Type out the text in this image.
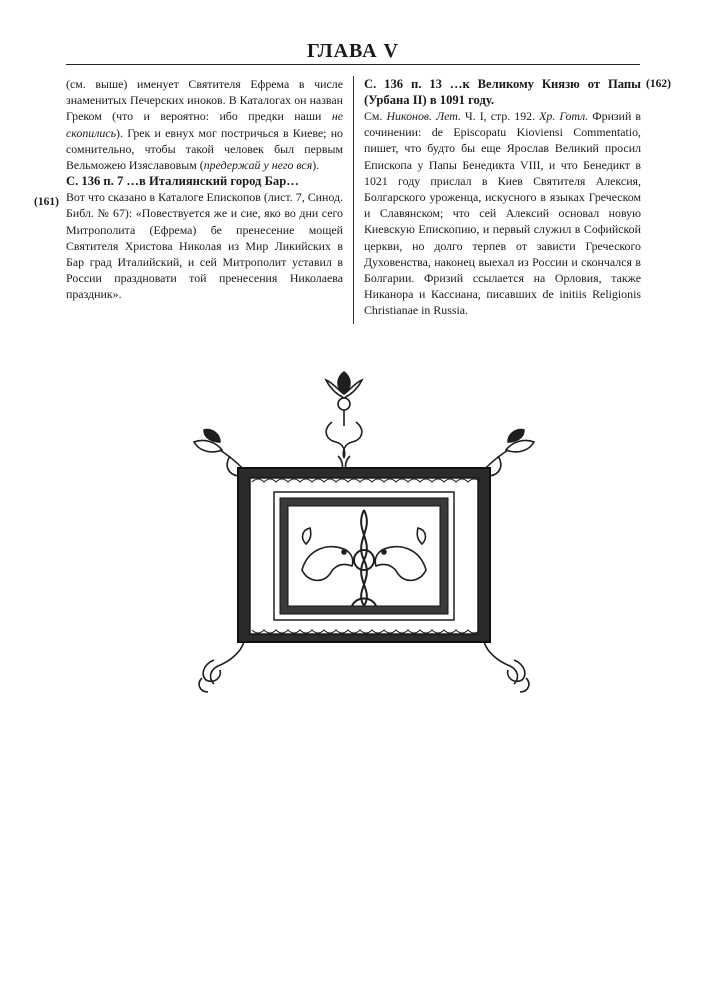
ГЛАВА V

(см. выше) именует Святителя Ефрема в числе знаменитых Печерских иноков. В Каталогах он назван Греком (что и вероятно: ибо предки наши не скопились). Грек и евнух мог постричься в Киеве; но сомнительно, чтобы такой человек был первым Вельможею Изяславовым (предержай у него вся).

С. 136 п. 7 …в Италиянский город Бар…

Вот что сказано в Каталоге Епископов (лист. 7, Синод. Библ. № 67): «Повествуется же и сие, яко во дни сего Митрополита (Ефрема) бе пренесение мощей Святителя Христова Николая из Мир Ликийских в Бар град Италийский, и сей Митрополит уставил в России праздновати той пренесения Николаева праздник».

(161)

С. 136 п. 13 …к Великому Князю от Папы (Урбана II) в 1091 году.

См. Никонов. Лет. Ч. I, стр. 192. Хр. Готл. Фризий в сочинении: de Episcopatu Kioviensi Commentatio, пишет, что будто бы еще Ярослав Великий просил Епископа у Папы Бенедикта VIII, и что Бенедикт в 1021 году прислал в Киев Святителя Алексия, Болгарского уроженца, искусного в языках Греческом и Славянском; что сей Алексий основал новую Киевскую Епископию, и первый служил в Софийской церкви, но долго терпев от зависти Греческого Духовенства, наконец выехал из России и скончался в Болгарии. Фризий ссылается на Орловия, также Никанора и Кассиана, писавших de initiis Religionis Christianae in Russia.

(162)
